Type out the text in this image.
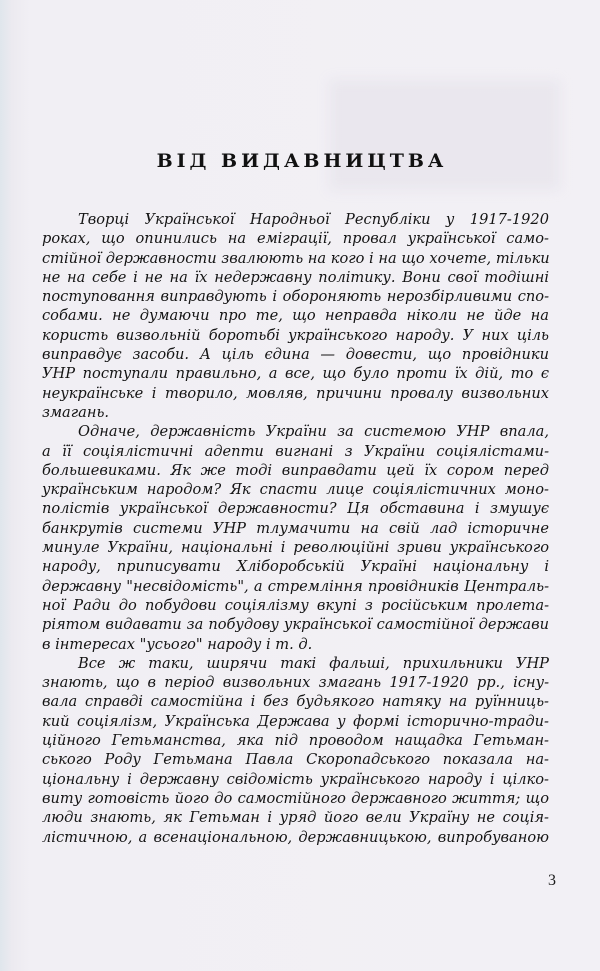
ВІД ВИДАВНИЦТВА
Творці Української Народньої Республіки у 1917-1920
роках, що опинились на еміграції, провал української само-
стійної державности звалюють на кого і на що хочете, тільки
не на себе і не на їх недержавну політику. Вони свої тодішні
поступовання виправдують і обороняють нерозбірливими спо-
собами. не думаючи про те, що неправда ніколи не йде на
користь визвольній боротьбі українського народу. У них ціль
виправдує засоби. А ціль єдина — довести, що провідники
УНР поступали правильно, а все, що було проти їх дій, то є
неукраїнське і творило, мовляв, причини провалу визвольних
змагань.
Одначе, державність України за системою УНР впала,
а її соціялістичні адепти вигнані з України соціялістами-
большевиками. Як же тоді виправдати цей їх сором перед
українським народом? Як спасти лице соціялістичних моно-
полістів української державности? Ця обставина і змушує
банкрутів системи УНР тлумачити на свій лад історичне
минуле України, національні і революційні зриви українського
народу, приписувати Хліборобській Україні національну і
державну "несвідомість", а стремління провідників Централь-
ної Ради до побудови соціялізму вкупі з російським пролета-
ріятом видавати за побудову української самостійної держави
в інтересах "усього" народу і т. д.
Все ж таки, ширячи такі фальші, прихильники УНР
знають, що в період визвольних змагань 1917-1920 рр., існу-
вала справді самостійна і без будьякого натяку на руїнниць-
кий соціялізм, Українська Держава у формі історично-тради-
ційного Гетьманства, яка під проводом нащадка Гетьман-
ського Роду Гетьмана Павла Скоропадського показала на-
ціональну і державну свідомість українського народу і цілко-
виту готовість його до самостійного державного життя; що
люди знають, як Гетьман і уряд його вели Україну не соція-
лістичною, а всенаціональною, державницькою, випробуваною
3
